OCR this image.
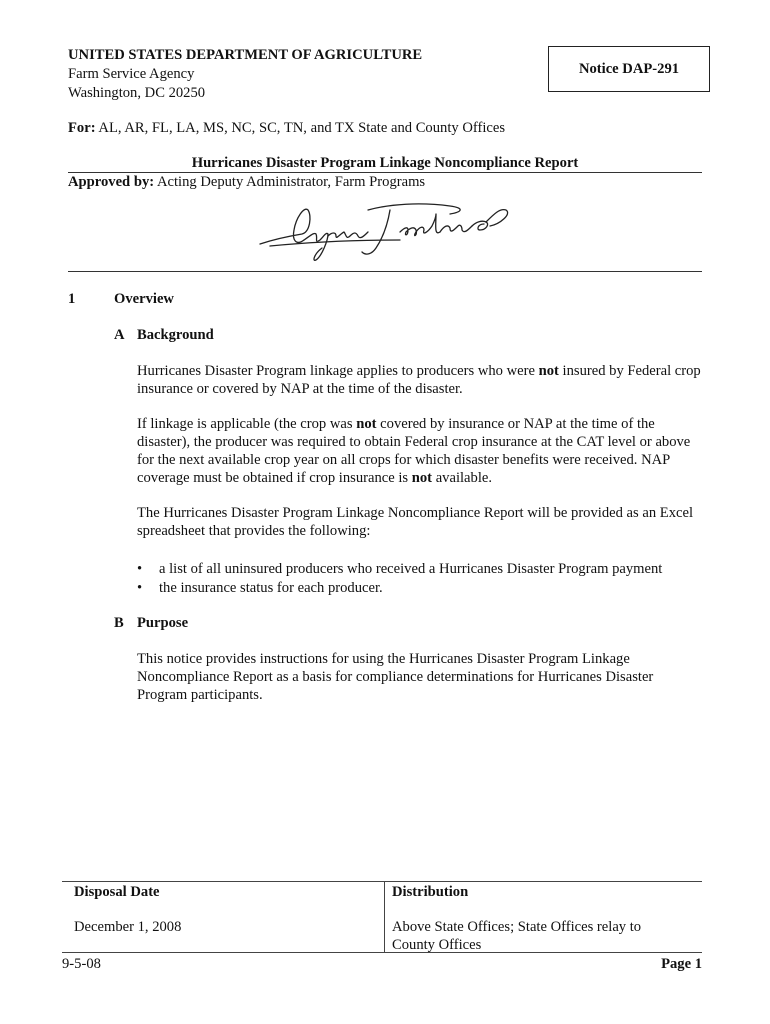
UNITED STATES DEPARTMENT OF AGRICULTURE
Farm Service Agency
Washington, DC 20250
Notice DAP-291
For: AL, AR, FL, LA, MS, NC, SC, TN, and TX State and County Offices
Hurricanes Disaster Program Linkage Noncompliance Report
Approved by: Acting Deputy Administrator, Farm Programs
1	Overview
A Background
Hurricanes Disaster Program linkage applies to producers who were not insured by Federal crop insurance or covered by NAP at the time of the disaster.
If linkage is applicable (the crop was not covered by insurance or NAP at the time of the disaster), the producer was required to obtain Federal crop insurance at the CAT level or above for the next available crop year on all crops for which disaster benefits were received. NAP coverage must be obtained if crop insurance is not available.
The Hurricanes Disaster Program Linkage Noncompliance Report will be provided as an Excel spreadsheet that provides the following:
• a list of all uninsured producers who received a Hurricanes Disaster Program payment
• the insurance status for each producer.
B Purpose
This notice provides instructions for using the Hurricanes Disaster Program Linkage Noncompliance Report as a basis for compliance determinations for Hurricanes Disaster Program participants.
Disposal Date
December 1, 2008
Distribution
Above State Offices; State Offices relay to County Offices
9-5-08	Page 1
